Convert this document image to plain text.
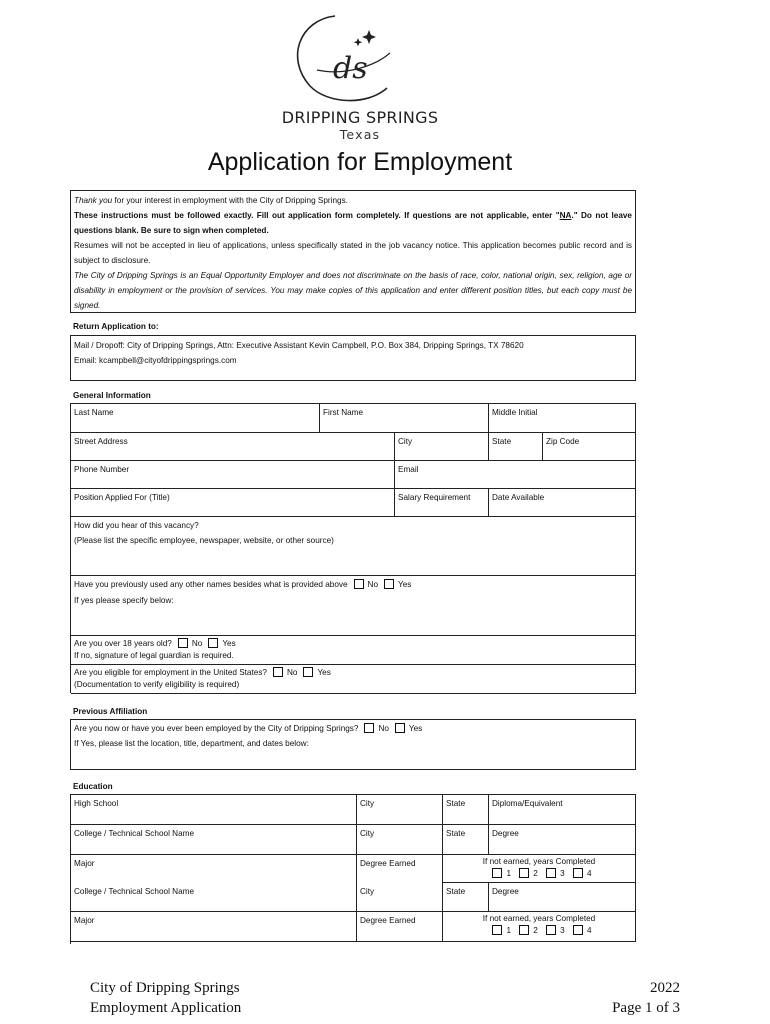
ds
DRIPPING SPRINGS
Texas
Application for Employment
Thank you for your interest in employment with the City of Dripping Springs.
These instructions must be followed exactly. Fill out application form completely. If questions are not applicable, enter "NA." Do not leave questions blank. Be sure to sign when completed.
Resumes will not be accepted in lieu of applications, unless specifically stated in the job vacancy notice. This application becomes public record and is subject to disclosure.
The City of Dripping Springs is an Equal Opportunity Employer and does not discriminate on the basis of race, color, national origin, sex, religion, age or disability in employment or the provision of services. You may make copies of this application and enter different position titles, but each copy must be signed.
Return Application to:
Mail / Dropoff: City of Dripping Springs, Attn: Executive Assistant Kevin Campbell, P.O. Box 384, Dripping Springs, TX 78620
Email: kcampbell@cityofdrippingsprings.com
General Information
Last Name	First Name	Middle Initial
Street Address	City	State	Zip Code
Phone Number	Email
Position Applied For (Title)	Salary Requirement	Date Available
How did you hear of this vacancy?
(Please list the specific employee, newspaper, website, or other source)
Have you previously used any other names besides what is provided above No Yes
If yes please specify below:
Are you over 18 years old? No Yes
If no, signature of legal guardian is required.
Are you eligible for employment in the United States? No Yes
(Documentation to verify eligibility is required)
Previous Affiliation
Are you now or have you ever been employed by the City of Dripping Springs? No Yes
If Yes, please list the location, title, department, and dates below:
Education
High School	City	State	Diploma/Equivalent
College / Technical School Name	City	State	Degree
Major	Degree Earned	If not earned, years Completed
1	2	3	4
College / Technical School Name	City	State	Degree
Major	Degree Earned	If not earned, years Completed
1	2	3	4
City of Dripping Springs
Employment Application
2022
Page 1 of 3
